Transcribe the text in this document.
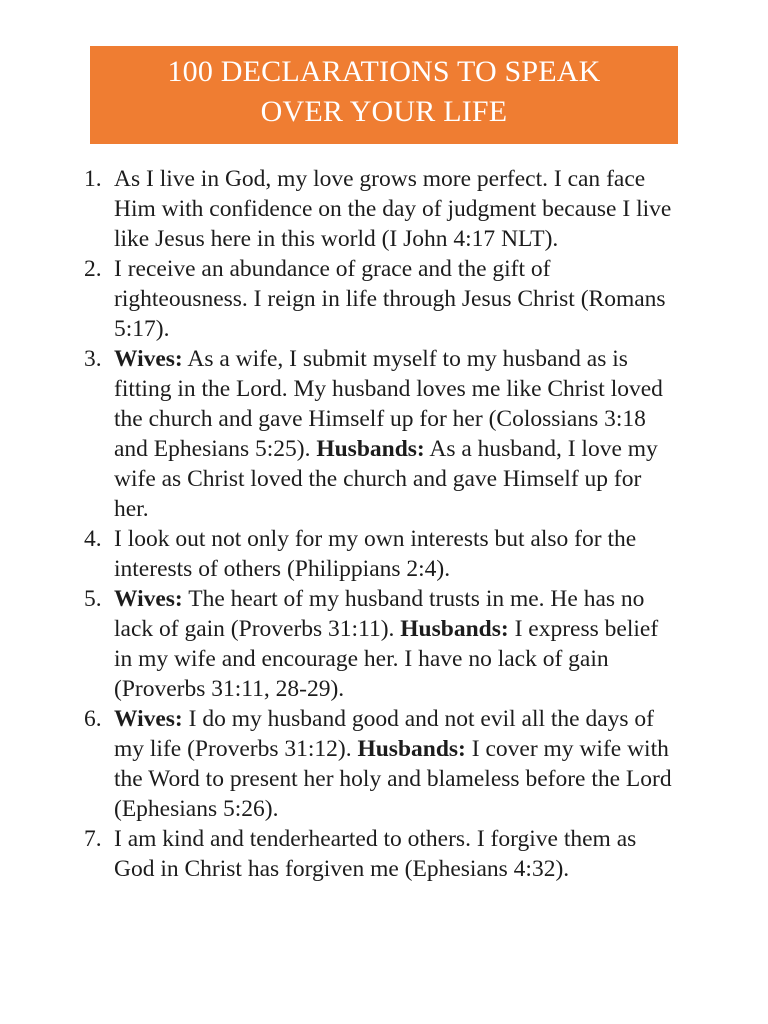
100 DECLARATIONS TO SPEAK
OVER YOUR LIFE
1. As I live in God, my love grows more perfect. I can face Him with confidence on the day of judgment because I live like Jesus here in this world (I John 4:17 NLT).
2. I receive an abundance of grace and the gift of righteousness. I reign in life through Jesus Christ (Romans 5:17).
3. Wives: As a wife, I submit myself to my husband as is fitting in the Lord. My husband loves me like Christ loved the church and gave Himself up for her (Colossians 3:18 and Ephesians 5:25). Husbands: As a husband, I love my wife as Christ loved the church and gave Himself up for her.
4. I look out not only for my own interests but also for the interests of others (Philippians 2:4).
5. Wives: The heart of my husband trusts in me. He has no lack of gain (Proverbs 31:11). Husbands: I express belief in my wife and encourage her. I have no lack of gain (Proverbs 31:11, 28-29).
6. Wives: I do my husband good and not evil all the days of my life (Proverbs 31:12). Husbands: I cover my wife with the Word to present her holy and blameless before the Lord (Ephesians 5:26).
7. I am kind and tenderhearted to others. I forgive them as God in Christ has forgiven me (Ephesians 4:32).
